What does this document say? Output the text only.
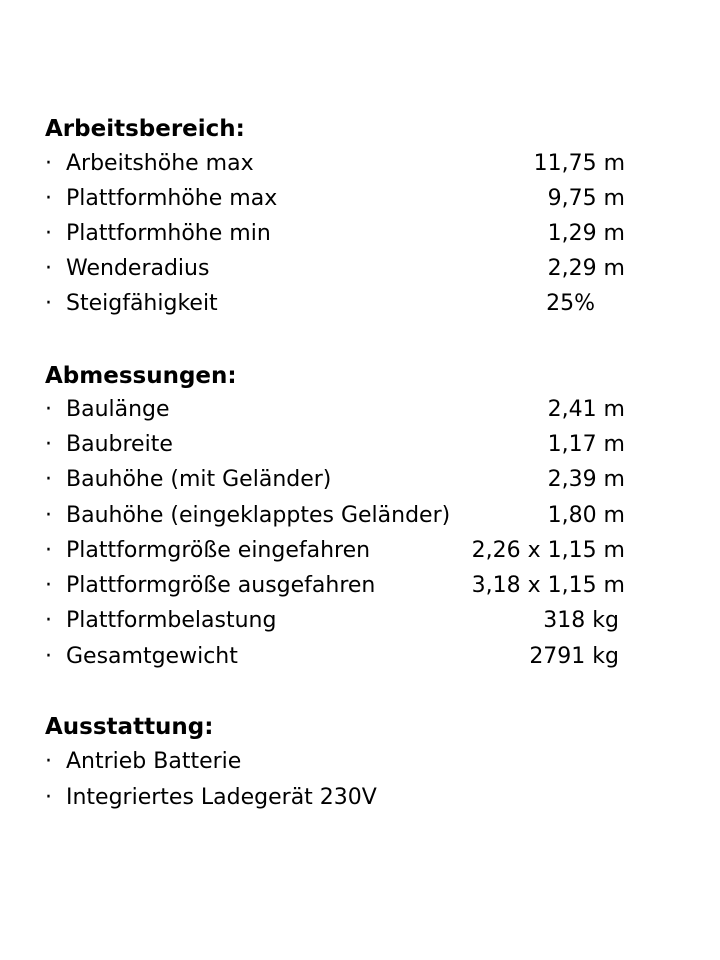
Arbeitsbereich:
· Arbeitshöhe max	11,75 m
· Plattformhöhe max	9,75 m
· Plattformhöhe min	1,29 m
· Wenderadius	2,29 m
· Steigfähigkeit	25%
Abmessungen:
· Baulänge	2,41 m
· Baubreite	1,17 m
· Bauhöhe (mit Geländer)	2,39 m
· Bauhöhe (eingeklapptes Geländer)	1,80 m
· Plattformgröße eingefahren	2,26 x 1,15 m
· Plattformgröße ausgefahren	3,18 x 1,15 m
· Plattformbelastung	318 kg
· Gesamtgewicht	2791 kg
Ausstattung:
· Antrieb Batterie
· Integriertes Ladegerät 230V
